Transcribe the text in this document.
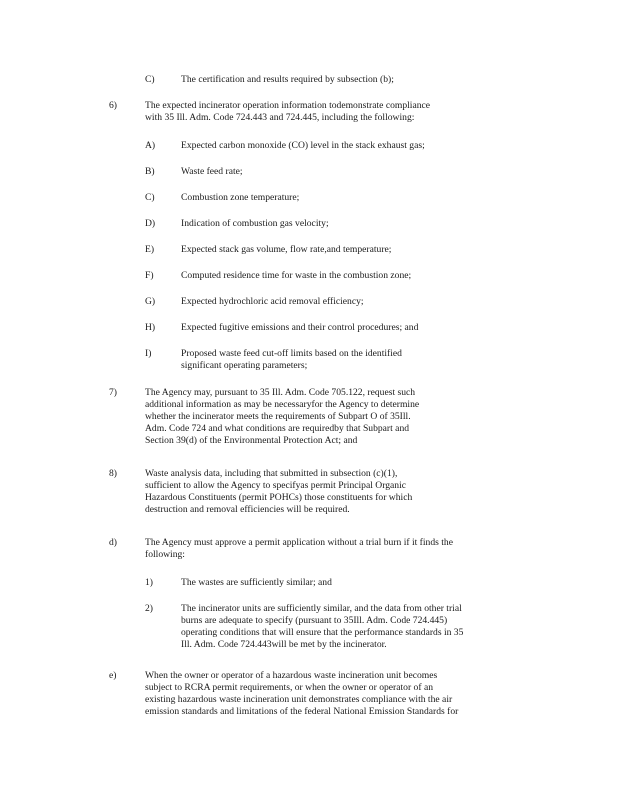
C)	The certification and results required by subsection (b);
6)	The expected incinerator operation information todemonstrate compliance
with 35 Ill. Adm. Code 724.443 and 724.445, including the following:
A)	Expected carbon monoxide (CO) level in the stack exhaust gas;
B)	Waste feed rate;
C)	Combustion zone temperature;
D)	Indication of combustion gas velocity;
E)	Expected stack gas volume, flow rate,and temperature;
F)	Computed residence time for waste in the combustion zone;
G)	Expected hydrochloric acid removal efficiency;
H)	Expected fugitive emissions and their control procedures; and
I)	Proposed waste feed cut-off limits based on the identified
significant operating parameters;
7)	The Agency may, pursuant to 35 Ill. Adm. Code 705.122, request such
additional information as may be necessaryfor the Agency to determine
whether the incinerator meets the requirements of Subpart O of 35Ill.
Adm. Code 724 and what conditions are requiredby that Subpart and
Section 39(d) of the Environmental Protection Act; and
8)	Waste analysis data, including that submitted in subsection (c)(1),
sufficient to allow the Agency to specifyas permit Principal Organic
Hazardous Constituents (permit POHCs) those constituents for which
destruction and removal efficiencies will be required.
d)	The Agency must approve a permit application without a trial burn if it finds the
following:
1)	The wastes are sufficiently similar; and
2)	The incinerator units are sufficiently similar, and the data from other trial
burns are adequate to specify (pursuant to 35Ill. Adm. Code 724.445)
operating conditions that will ensure that the performance standards in 35
Ill. Adm. Code 724.443will be met by the incinerator.
e)	When the owner or operator of a hazardous waste incineration unit becomes
subject to RCRA permit requirements, or when the owner or operator of an
existing hazardous waste incineration unit demonstrates compliance with the air
emission standards and limitations of the federal National Emission Standards for
